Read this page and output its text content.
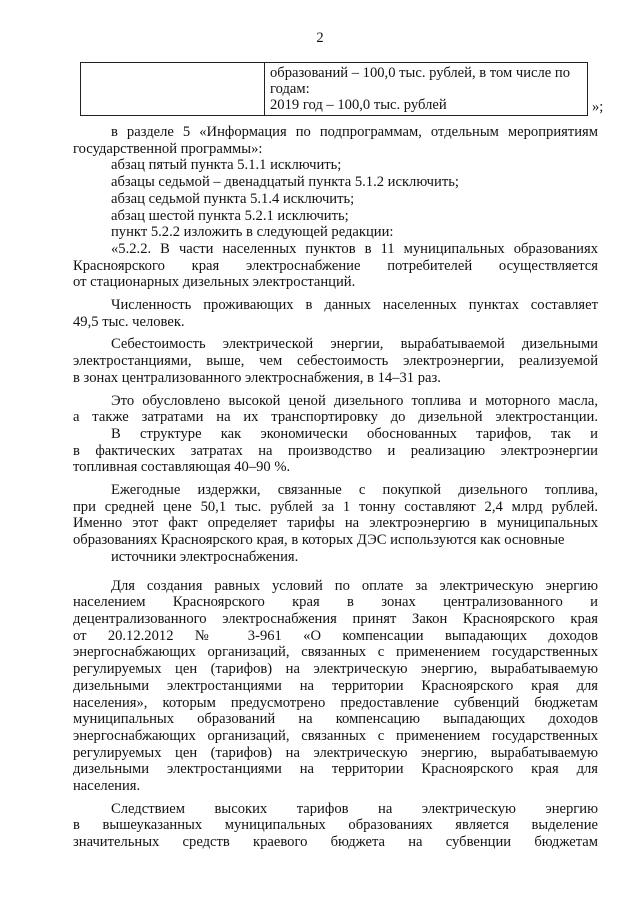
2

образований – 100,0 тыс. рублей, в том числе по
годам:
2019 год – 100,0 тыс. рублей	»;

в разделе 5 «Информация по подпрограммам, отдельным мероприятиям

государственной программы»:

абзац пятый пункта 5.1.1 исключить;

абзацы седьмой – двенадцатый пункта 5.1.2 исключить;

абзац седьмой пункта 5.1.4 исключить;

абзац шестой пункта 5.2.1 исключить;

пункт 5.2.2 изложить в следующей редакции:

«5.2.2. В части населенных пунктов в 11 муниципальных образованиях

Красноярского края электроснабжение потребителей осуществляется

от стационарных дизельных электростанций.

Численность проживающих в данных населенных пунктах составляет

49,5 тыс. человек.

Себестоимость электрической энергии, вырабатываемой дизельными

электростанциями, выше, чем себестоимость электроэнергии, реализуемой

в зонах централизованного электроснабжения, в 14–31 раз.

Это обусловлено высокой ценой дизельного топлива и моторного масла,

а также затратами на их транспортировку до дизельной электростанции.

В структуре как экономически обоснованных тарифов, так и

в фактических затратах на производство и реализацию электроэнергии

топливная составляющая 40–90 %.

Ежегодные издержки, связанные с покупкой дизельного топлива,

при средней цене 50,1 тыс. рублей за 1 тонну составляют 2,4 млрд рублей.

Именно этот факт определяет тарифы на электроэнергию в муниципальных

образованиях Красноярского края, в которых ДЭС используются как основные

источники электроснабжения.

Для создания равных условий по оплате за электрическую энергию

населением Красноярского края в зонах централизованного и

децентрализованного электроснабжения принят Закон Красноярского края

от 20.12.2012 № 3-961 «О компенсации выпадающих доходов

энергоснабжающих организаций, связанных с применением государственных

регулируемых цен (тарифов) на электрическую энергию, вырабатываемую

дизельными электростанциями на территории Красноярского края для

населения», которым предусмотрено предоставление субвенций бюджетам

муниципальных образований на компенсацию выпадающих доходов

энергоснабжающих организаций, связанных с применением государственных

регулируемых цен (тарифов) на электрическую энергию, вырабатываемую

дизельными электростанциями на территории Красноярского края для

населения.

Следствием высоких тарифов на электрическую энергию

в вышеуказанных муниципальных образованиях является выделение

значительных средств краевого бюджета на субвенции бюджетам
